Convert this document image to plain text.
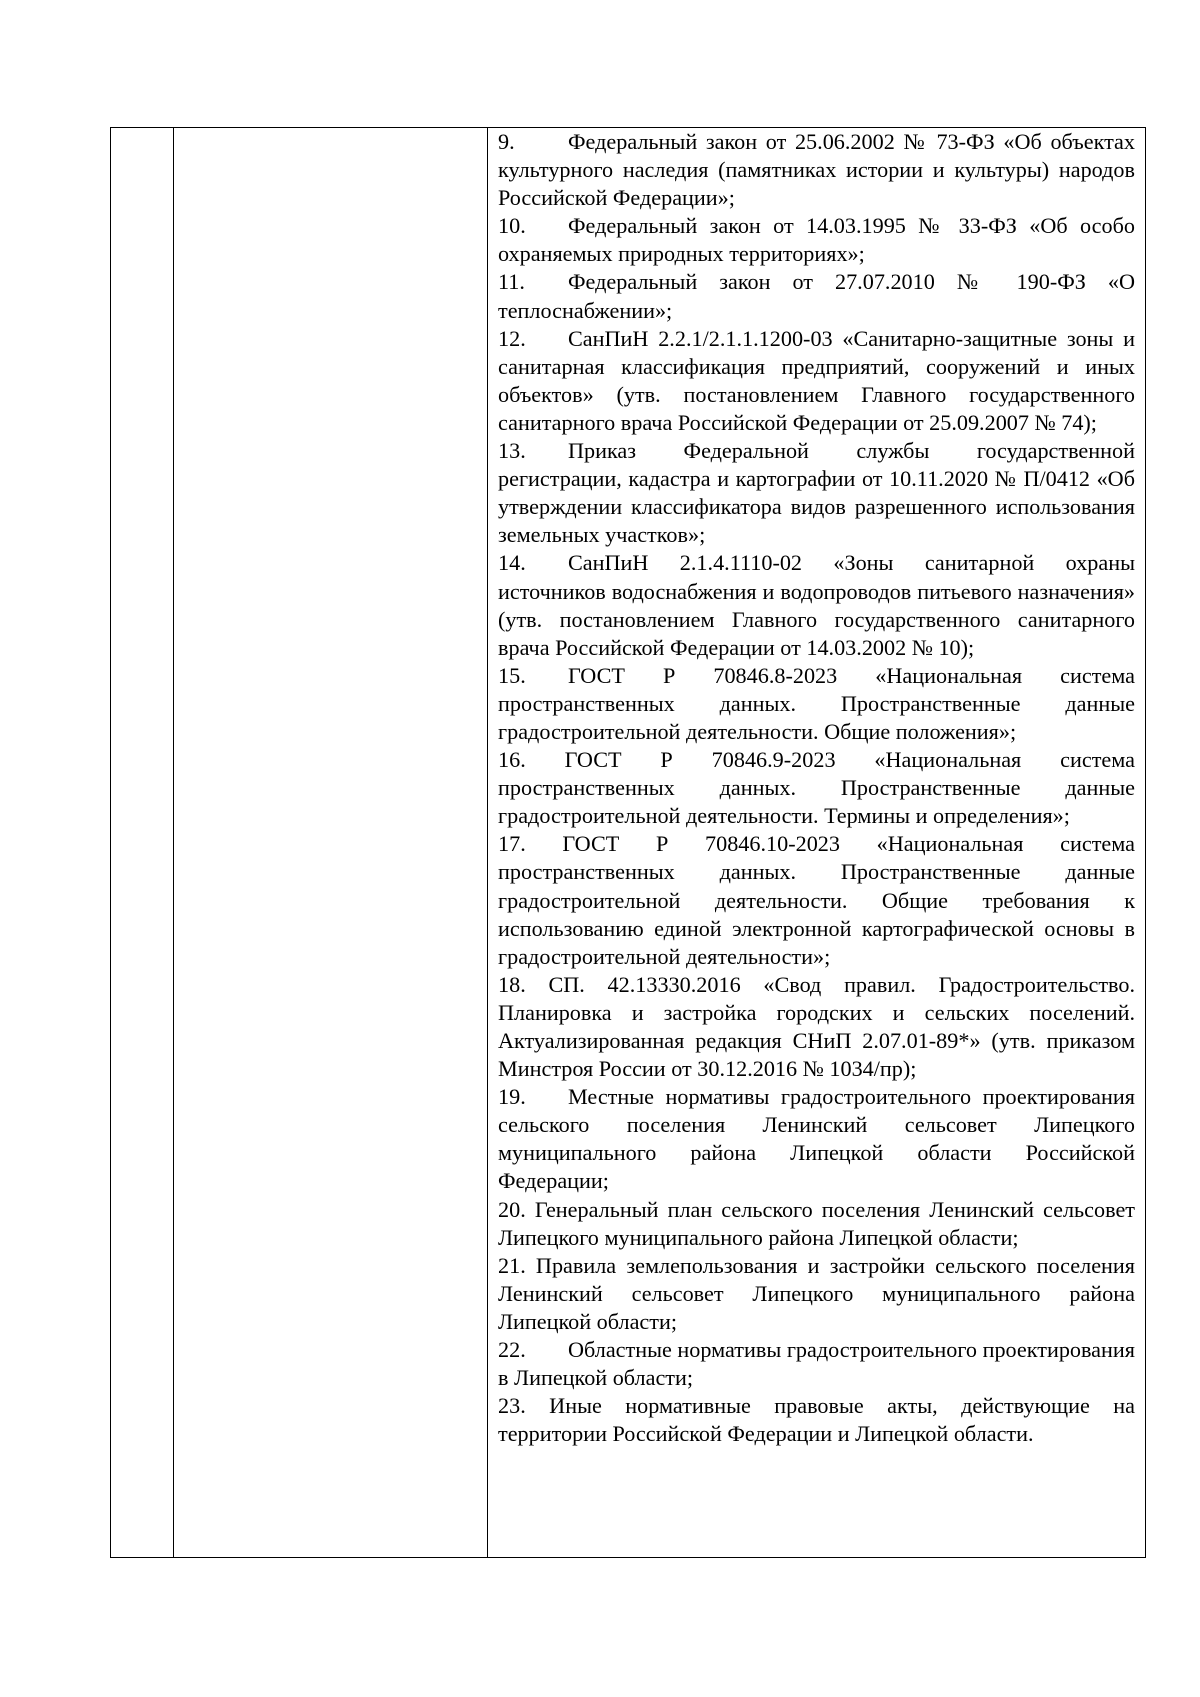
9. Федеральный закон от 25.06.2002 № 73-ФЗ «Об объектах культурного наследия (памятниках истории и культуры) народов Российской Федерации»;
10. Федеральный закон от 14.03.1995 № 33-ФЗ «Об особо охраняемых природных территориях»;
11. Федеральный закон от 27.07.2010 № 190-ФЗ «О теплоснабжении»;
12. СанПиН 2.2.1/2.1.1.1200-03 «Санитарно-защитные зоны и санитарная классификация предприятий, сооружений и иных объектов» (утв. постановлением Главного государственного санитарного врача Российской Федерации от 25.09.2007 № 74);
13. Приказ Федеральной службы государственной регистрации, кадастра и картографии от 10.11.2020 № П/0412 «Об утверждении классификатора видов разрешенного использования земельных участков»;
14. СанПиН 2.1.4.1110-02 «Зоны санитарной охраны источников водоснабжения и водопроводов питьевого назначения» (утв. постановлением Главного государственного санитарного врача Российской Федерации от 14.03.2002 № 10);
15. ГОСТ Р 70846.8-2023 «Национальная система пространственных данных. Пространственные данные градостроительной деятельности. Общие положения»;
16. ГОСТ Р 70846.9-2023 «Национальная система пространственных данных. Пространственные данные градостроительной деятельности. Термины и определения»;
17. ГОСТ Р 70846.10-2023 «Национальная система пространственных данных. Пространственные данные градостроительной деятельности. Общие требования к использованию единой электронной картографической основы в градостроительной деятельности»;
18. СП. 42.13330.2016 «Свод правил. Градостроительство. Планировка и застройка городских и сельских поселений. Актуализированная редакция СНиП 2.07.01-89*» (утв. приказом Минстроя России от 30.12.2016 № 1034/пр);
19. Местные нормативы градостроительного проектирования сельского поселения Ленинский сельсовет Липецкого муниципального района Липецкой области Российской Федерации;
20. Генеральный план сельского поселения Ленинский сельсовет Липецкого муниципального района Липецкой области;
21. Правила землепользования и застройки сельского поселения Ленинский сельсовет Липецкого муниципального района Липецкой области;
22. Областные нормативы градостроительного проектирования в Липецкой области;
23. Иные нормативные правовые акты, действующие на территории Российской Федерации и Липецкой области.
